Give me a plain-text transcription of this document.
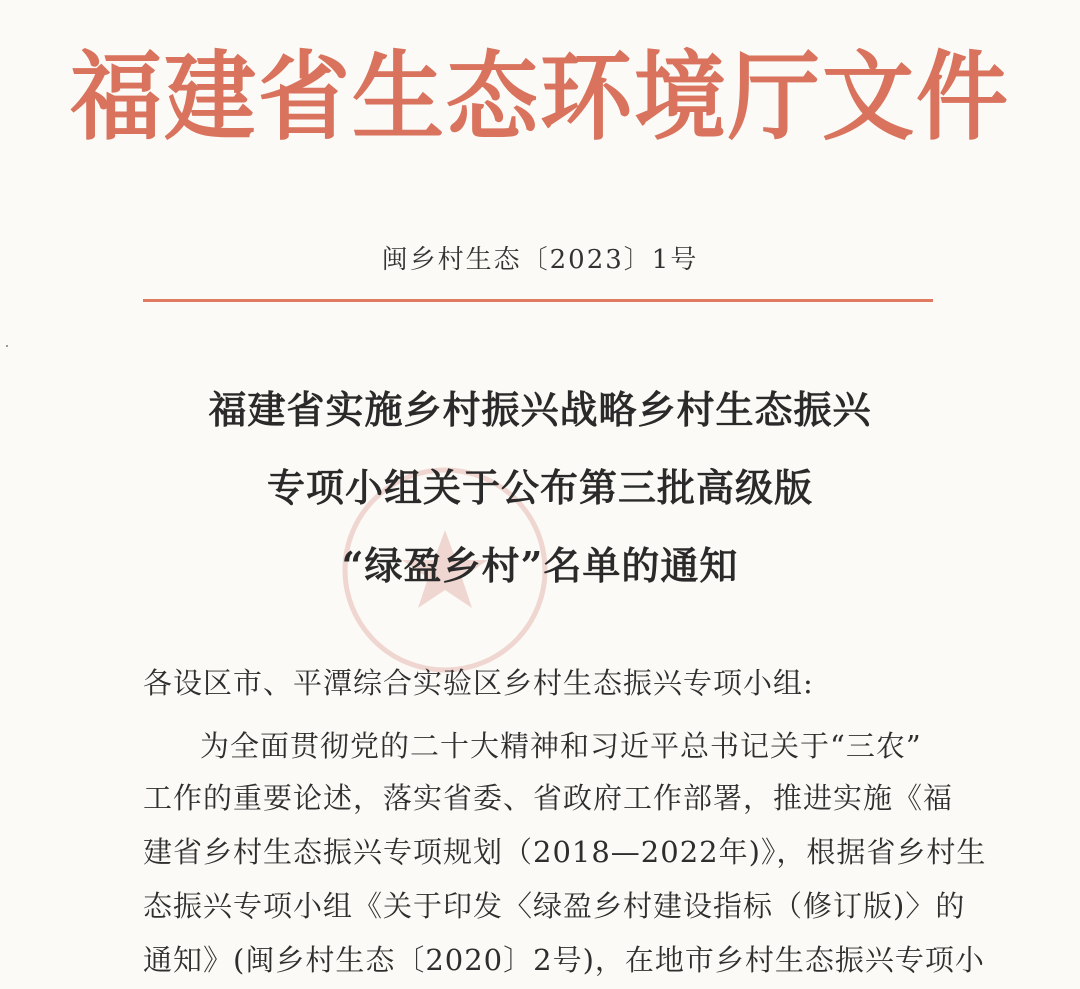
福建省生态环境厅文件
闽乡村生态〔2023〕1号
福建省实施乡村振兴战略乡村生态振兴
专项小组关于公布第三批高级版
“绿盈乡村”名单的通知
各设区市、平潭综合实验区乡村生态振兴专项小组:
为全面贯彻党的二十大精神和习近平总书记关于“三农”
工作的重要论述，落实省委、省政府工作部署，推进实施《福
建省乡村生态振兴专项规划（2018—2022年)》，根据省乡村生
态振兴专项小组《关于印发〈绿盈乡村建设指标（修订版)〉的
通知》(闽乡村生态〔2020〕2号)，在地市乡村生态振兴专项小
